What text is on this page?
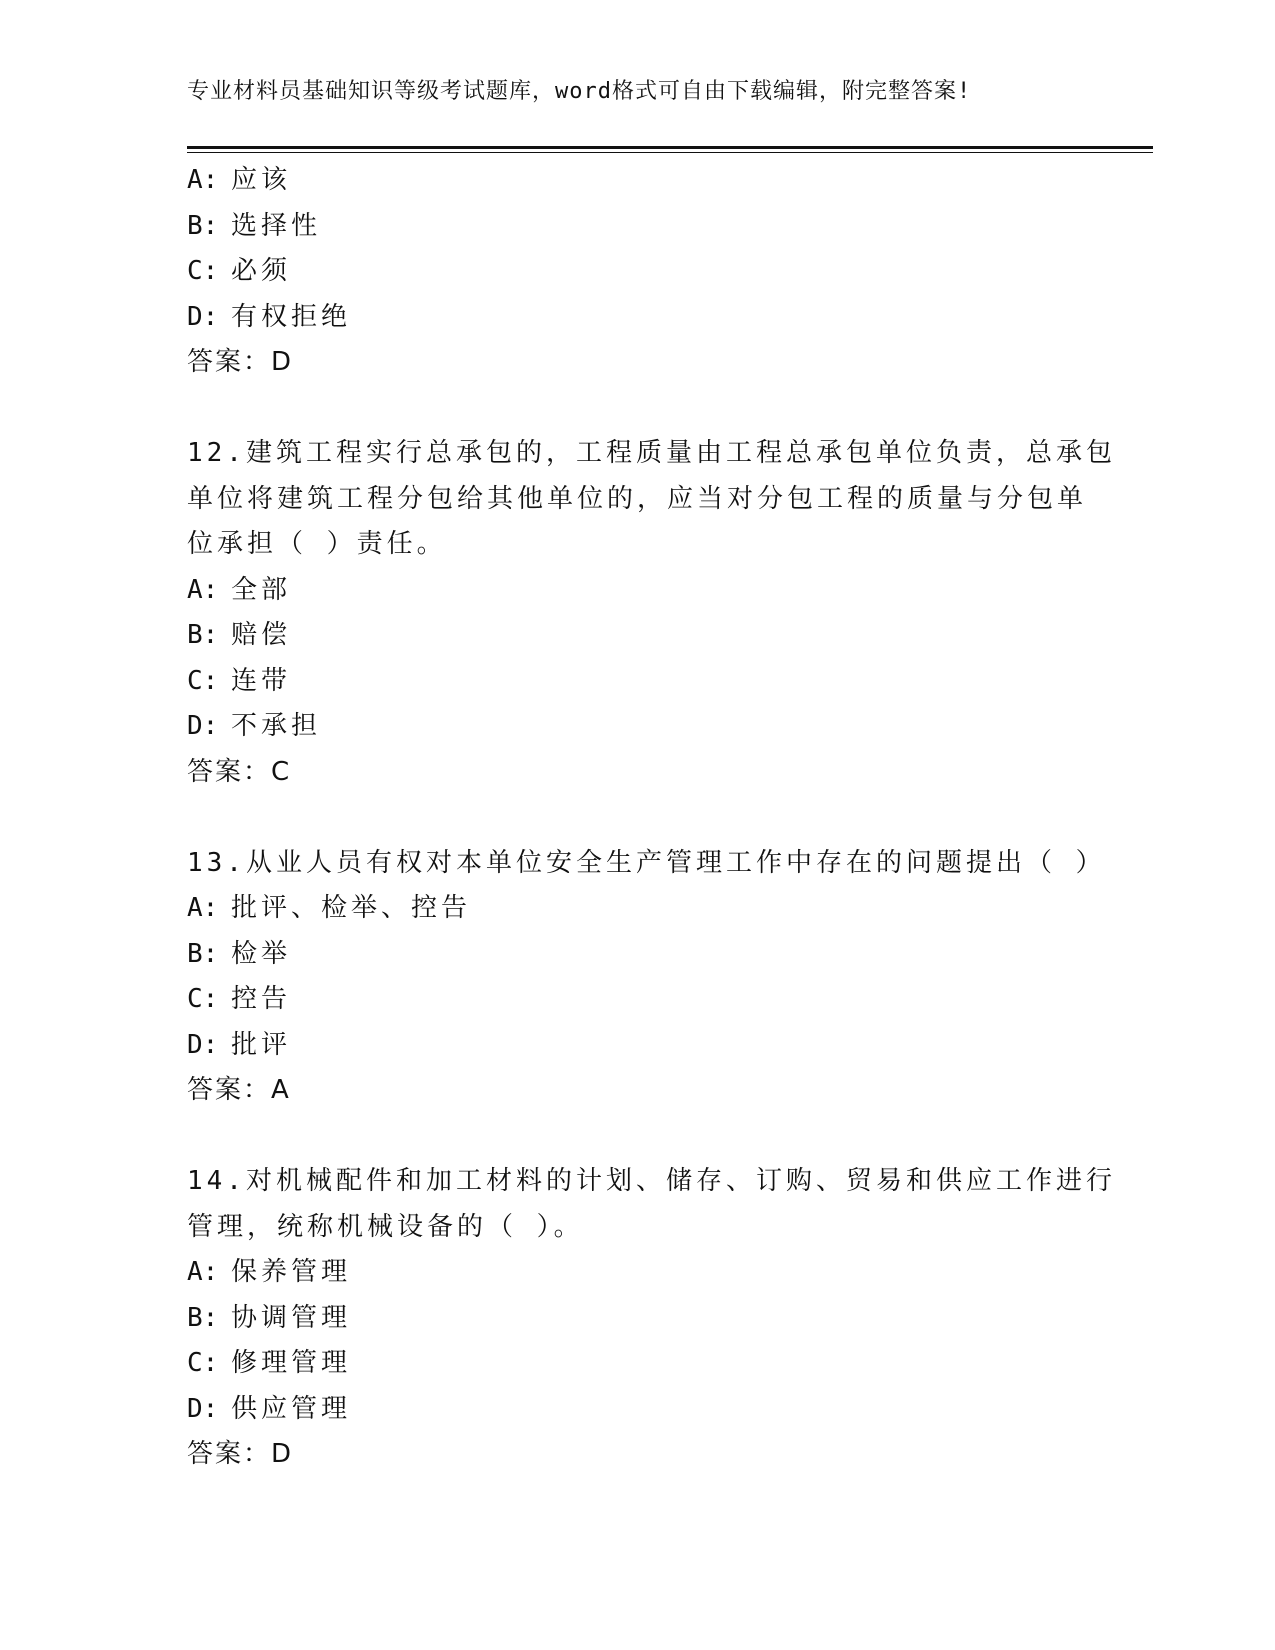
专业材料员基础知识等级考试题库，word格式可自由下载编辑，附完整答案!
A: 应该
B: 选择性
C: 必须
D: 有权拒绝
答案：D
12.建筑工程实行总承包的，工程质量由工程总承包单位负责，总承包
单位将建筑工程分包给其他单位的，应当对分包工程的质量与分包单
位承担（ ）责任。
A: 全部
B: 赔偿
C: 连带
D: 不承担
答案：C
13.从业人员有权对本单位安全生产管理工作中存在的问题提出（ ）
A: 批评、检举、控告
B: 检举
C: 控告
D: 批评
答案：A
14.对机械配件和加工材料的计划、储存、订购、贸易和供应工作进行
管理，统称机械设备的（ ）。
A: 保养管理
B: 协调管理
C: 修理管理
D: 供应管理
答案：D
